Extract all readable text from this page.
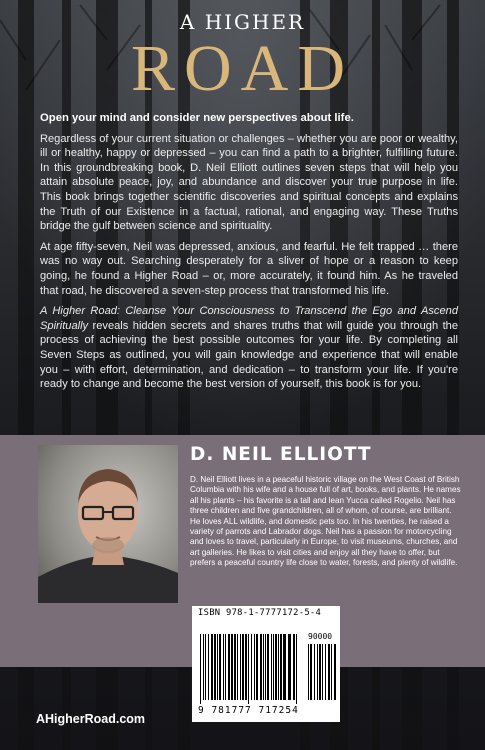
A HIGHER
ROAD

Open your mind and consider new perspectives about life.

Regardless of your current situation or challenges – whether you are poor or wealthy, ill or healthy, happy or depressed – you can find a path to a brighter, fulfilling future. In this groundbreaking book, D. Neil Elliott outlines seven steps that will help you attain absolute peace, joy, and abundance and discover your true purpose in life. This book brings together scientific discoveries and spiritual concepts and explains the Truth of our Existence in a factual, rational, and engaging way. These Truths bridge the gulf between science and spirituality.

At age fifty-seven, Neil was depressed, anxious, and fearful. He felt trapped … there was no way out. Searching desperately for a sliver of hope or a reason to keep going, he found a Higher Road – or, more accurately, it found him. As he traveled that road, he discovered a seven-step process that transformed his life.

A Higher Road: Cleanse Your Consciousness to Transcend the Ego and Ascend Spiritually reveals hidden secrets and shares truths that will guide you through the process of achieving the best possible outcomes for your life. By completing all Seven Steps as outlined, you will gain knowledge and experience that will enable you – with effort, determination, and dedication – to transform your life. If you're ready to change and become the best version of yourself, this book is for you.

D. NEIL ELLIOTT
D. Neil Elliott lives in a peaceful historic village on the West Coast of British Columbia with his wife and a house full of art, books, and plants. He names all his plants – his favorite is a tall and lean Yucca called Rogelio. Neil has three children and five grandchildren, all of whom, of course, are brilliant. He loves ALL wildlife, and domestic pets too. In his twenties, he raised a variety of parrots and Labrador dogs. Neil has a passion for motorcycling and loves to travel, particularly in Europe, to visit museums, churches, and art galleries. He likes to visit cities and enjoy all they have to offer, but prefers a peaceful country life close to water, forests, and plenty of wildlife.
ISBN 978-1-7777172-5-4
90000
9 781777 717254
AHigherRoad.com
